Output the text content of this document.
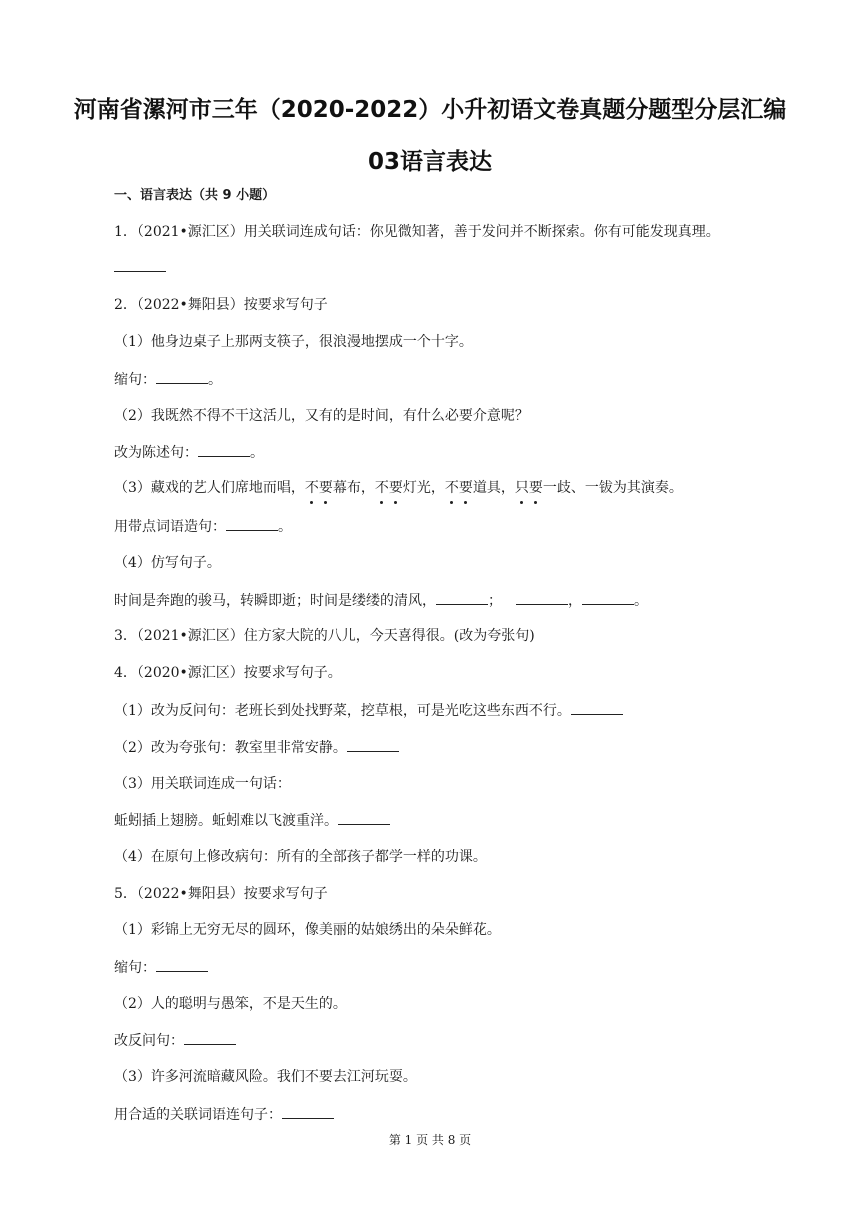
河南省漯河市三年（2020-2022）小升初语文卷真题分题型分层汇编
03语言表达
一、语言表达（共 9 小题）
1．（2021•源汇区）用关联词连成句话：你见微知著，善于发问并不断探索。你有可能发现真理。
2．（2022•舞阳县）按要求写句子
（1）他身边桌子上那两支筷子，很浪漫地摆成一个十字。
缩句：	。
（2）我既然不得不干这活儿，又有的是时间，有什么必要介意呢？
改为陈述句：	。
（3）藏戏的艺人们席地而唱，不要幕布，不要灯光，不要道具，只要一歧、一钹为其演奏。
用带点词语造句：	。
（4）仿写句子。
时间是奔跑的骏马，转瞬即逝；时间是缕缕的清风，	；	，	。
3．（2021•源汇区）住方家大院的八儿，今天喜得很。(改为夸张句)
4．（2020•源汇区）按要求写句子。
（1）改为反问句：老班长到处找野菜，挖草根，可是光吃这些东西不行。
（2）改为夸张句：教室里非常安静。
（3）用关联词连成一句话：
蚯蚓插上翅膀。蚯蚓难以飞渡重洋。
（4）在原句上修改病句：所有的全部孩子都学一样的功课。
5．（2022•舞阳县）按要求写句子
（1）彩锦上无穷无尽的圆环，像美丽的姑娘绣出的朵朵鲜花。
缩句：
（2）人的聪明与愚笨，不是天生的。
改反问句：
（3）许多河流暗藏风险。我们不要去江河玩耍。
用合适的关联词语连句子：
第 1 页 共 8 页
